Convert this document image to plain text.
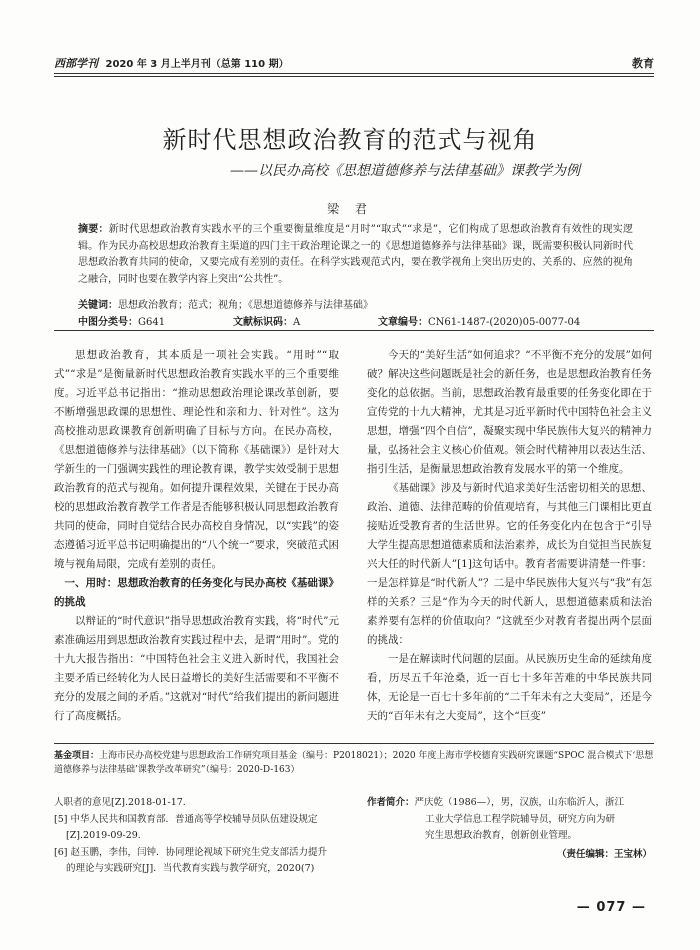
西部学刊 2020 年 3 月上半月刊（总第 110 期）	教育
新时代思想政治教育的范式与视角
——以民办高校《思想道德修养与法律基础》课教学为例
梁 君
摘要：新时代思想政治教育实践水平的三个重要衡量维度是“月时”“取式”“求是”，它们构成了思想政治教育有效性的现实逻辑。作为民办高校思想政治教育主渠道的四门主干政治理论课之一的《思想道德修养与法律基础》课，既需要积极认同新时代思想政治教育共同的使命，又要完成有差别的责任。在科学实践观范式内，要在教学视角上突出历史的、关系的、应然的视角之融合，同时也要在教学内容上突出“公共性”。
关键词：思想政治教育；范式；视角；《思想道德修养与法律基础》
中图分类号：G641	文献标识码：A	文章编号：CN61-1487-(2020)05-0077-04

思想政治教育，其本质是一项社会实践。“用时”“取式”“求是”是衡量新时代思想政治教育实践水平的三个重要维度。习近平总书记指出：“推动思想政治理论课改革创新，要不断增强思政课的思想性、理论性和亲和力、针对性”。这为高校推动思政课教育创新明确了目标与方向。在民办高校，《思想道德修养与法律基础》（以下简称《基础课》）是针对大学新生的一门强调实践性的理论教育课，教学实效受制于思想政治教育的范式与视角。如何提升课程效果，关键在于民办高校的思想政治教育教学工作者是否能够积极认同思想政治教育共同的使命，同时自觉结合民办高校自身情况，以“实践”的姿态遵循习近平总书记明确提出的“八个统一”要求，突破范式困境与视角局限，完成有差别的责任。

一、用时：思想政治教育的任务变化与民办高校《基础课》的挑战

以辩证的“时代意识”指导思想政治教育实践，将“时代”元素准确运用到思想政治教育实践过程中去，是谓“用时”。党的十九大报告指出：“中国特色社会主义进入新时代，我国社会主要矛盾已经转化为人民日益增长的美好生活需要和不平衡不充分的发展之间的矛盾。”这就对“时代”给我们提出的新问题进行了高度概括。

今天的“美好生活”如何追求？“不平衡不充分的发展”如何破？解决这些问题既是社会的新任务，也是思想政治教育任务变化的总依据。当前，思想政治教育最重要的任务变化即在于宣传党的十九大精神，尤其是习近平新时代中国特色社会主义思想，增强“四个自信”，凝聚实现中华民族伟大复兴的精神力量，弘扬社会主义核心价值观。领会时代精神用以表达生活、指引生活，是衡量思想政治教育发展水平的第一个维度。

《基础课》涉及与新时代追求美好生活密切相关的思想、政治、道德、法律范畴的价值观培育，与其他三门课相比更直接贴近受教育者的生活世界。它的任务变化内在包含于“引导大学生提高思想道德素质和法治素养，成长为自觉担当民族复兴大任的时代新人”[1]这句话中。教育者需要讲清楚一件事：一是怎样算是“时代新人”？二是中华民族伟大复兴与“我”有怎样的关系？三是“作为今天的时代新人，思想道德素质和法治素养要有怎样的价值取向？”这就至少对教育者提出两个层面的挑战：

一是在解读时代问题的层面。从民族历史生命的延续角度看，历尽五千年沧桑，近一百七十多年苦难的中华民族共同体，无论是一百七十多年前的“二千年未有之大变局”，还是今天的“百年未有之大变局”，这个“巨变”

基金项目：上海市民办高校党建与思想政治工作研究项目基金（编号：P2018021）；2020 年度上海市学校德育实践研究课题“SPOC 混合模式下‘思想道德修养与法律基础’课教学改革研究”（编号：2020-D-163）
人职者的意见[Z].2018-01-17.
[5] 中华人民共和国教育部．普通高等学校辅导员队伍建设规定[Z].2019-09-29.
[6] 赵玉鹏，李伟，闫钟．协同理论视域下研究生党支部活力提升的理论与实践研究[J]．当代教育实践与教学研究，2020(7)
作者简介：严庆乾（1986—），男，汉族，山东临沂人，浙江
工业大学信息工程学院辅导员，研究方向为研
究生思想政治教育，创新创业管理。
（责任编辑：王宝林）
— 077 —
